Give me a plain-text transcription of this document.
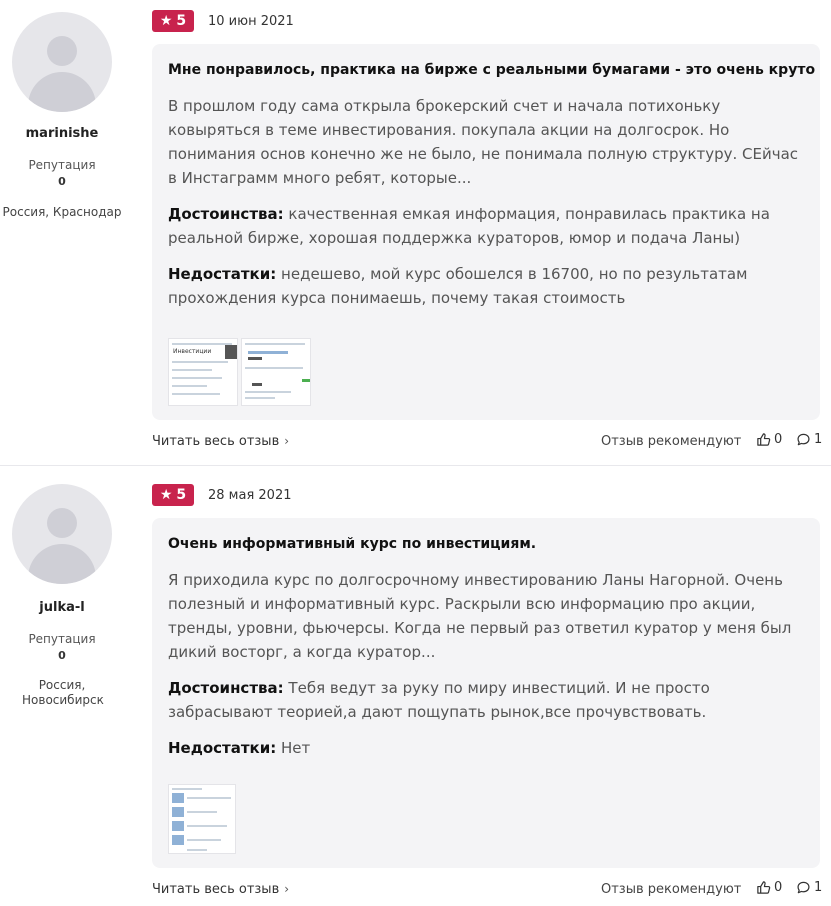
marinishe
Репутация
0
Россия, Краснодар
★ 5 10 июн 2021
Мне понравилось, практика на бирже с реальными бумагами - это очень круто
В прошлом году сама открыла брокерский счет и начала потихоньку ковыряться в теме инвестирования. покупала акции на долгосрок. Но понимания основ конечно же не было, не понимала полную структуру. СЕйчас в Инстаграмм много ребят, которые...
Достоинства: качественная емкая информация, понравилась практика на реальной бирже, хорошая поддержка кураторов, юмор и подача Ланы)
Недостатки: недешево, мой курс обошелся в 16700, но по результатам прохождения курса понимаешь, почему такая стоимость
Инвестиции
Читать весь отзыв ›	Отзыв рекомендуют	0 1
julka-l
Репутация
0
Россия, Новосибирск
★ 5 28 мая 2021
Очень информативный курс по инвестициям.
Я приходила курс по долгосрочному инвестированию Ланы Нагорной. Очень полезный и информативный курс. Раскрыли всю информацию про акции, тренды, уровни, фьючерсы. Когда не первый раз ответил куратор у меня был дикий восторг, а когда куратор...
Достоинства: Тебя ведут за руку по миру инвестиций. И не просто забрасывают теорией,а дают пощупать рынок,все прочувствовать.
Недостатки: Нет
Читать весь отзыв ›	Отзыв рекомендуют	0 1
